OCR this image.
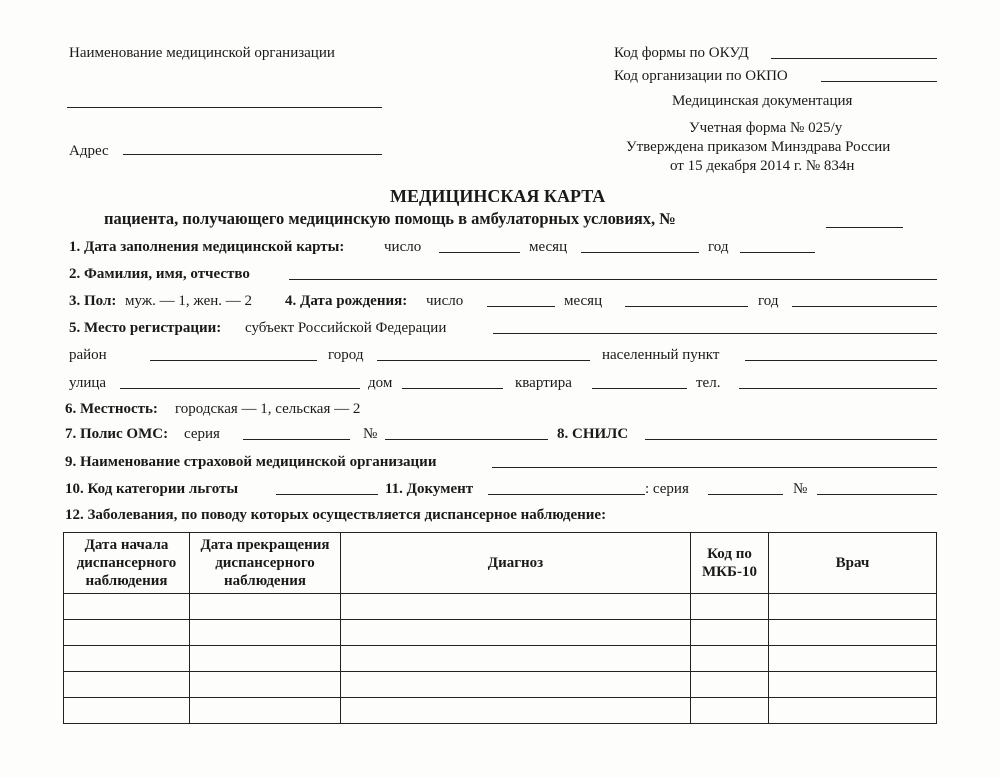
Наименование медицинской организации
Адрес
Код формы по ОКУД
Код организации по ОКПО
Медицинская документация
Учетная форма № 025/у
Утверждена приказом Минздрава России
от 15 декабря 2014 г. № 834н
МЕДИЦИНСКАЯ КАРТА
пациента, получающего медицинскую помощь в амбулаторных условиях, №
1. Дата заполнения медицинской карты:	число	месяц	год
2. Фамилия, имя, отчество
3. Пол: муж. — 1, жен. — 2 4. Дата рождения: число	месяц	год
5. Место регистрации: субъект Российской Федерации
район	город	населенный пункт
улица	дом	квартира	тел.
6. Местность: городская — 1, сельская — 2
7. Полис ОМС: серия	№	8. СНИЛС
9. Наименование страховой медицинской организации
10. Код категории льготы	11. Документ	: серия	№
12. Заболевания, по поводу которых осуществляется диспансерное наблюдение:
Дата начала диспансерного наблюдения	Дата прекращения диспансерного наблюдения	Диагноз	Код по МКБ-10	Врач
